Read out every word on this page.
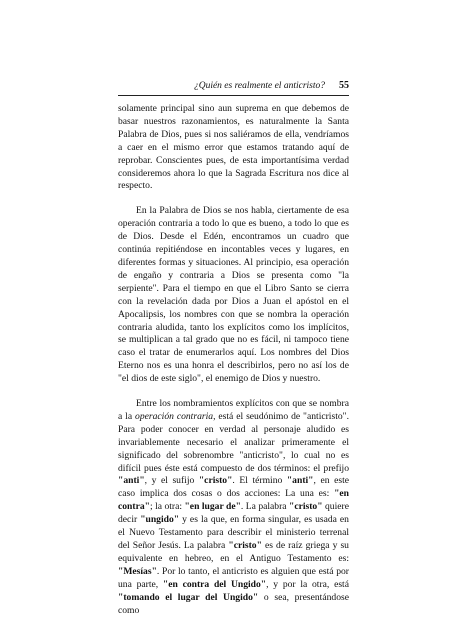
¿Quién es realmente el anticristo? 55

solamente principal sino aun suprema en que debemos de basar nuestros razonamientos, es naturalmente la Santa Palabra de Dios, pues si nos saliéramos de ella, vendríamos a caer en el mismo error que estamos tratando aquí de reprobar. Conscientes pues, de esta importantísima verdad consideremos ahora lo que la Sagrada Escritura nos dice al respecto.

En la Palabra de Dios se nos habla, ciertamente de esa operación contraria a todo lo que es bueno, a todo lo que es de Dios. Desde el Edén, encontramos un cuadro que continúa repitiéndose en incontables veces y lugares, en diferentes formas y situaciones. Al principio, esa operación de engaño y contraria a Dios se presenta como "la serpiente". Para el tiempo en que el Libro Santo se cierra con la revelación dada por Dios a Juan el apóstol en el Apocalipsis, los nombres con que se nombra la operación contraria aludida, tanto los explícitos como los implícitos, se multiplican a tal grado que no es fácil, ni tampoco tiene caso el tratar de enumerarlos aquí. Los nombres del Dios Eterno nos es una honra el describirlos, pero no así los de "el dios de este siglo", el enemigo de Dios y nuestro.

Entre los nombramientos explícitos con que se nombra a la operación contraria, está el seudónimo de "anticristo". Para poder conocer en verdad al personaje aludido es invariablemente necesario el analizar primeramente el significado del sobrenombre "anticristo", lo cual no es difícil pues éste está compuesto de dos términos: el prefijo "anti", y el sufijo "cristo". El término "anti", en este caso implica dos cosas o dos acciones: La una es: "en contra"; la otra: "en lugar de". La palabra "cristo" quiere decir "ungido" y es la que, en forma singular, es usada en el Nuevo Testamento para describir el ministerio terrenal del Señor Jesús. La palabra "cristo" es de raíz griega y su equivalente en hebreo, en el Antiguo Testamento es: "Mesías". Por lo tanto, el anticristo es alguien que está por una parte, "en contra del Ungido", y por la otra, está "tomando el lugar del Ungido" o sea, presentándose como
